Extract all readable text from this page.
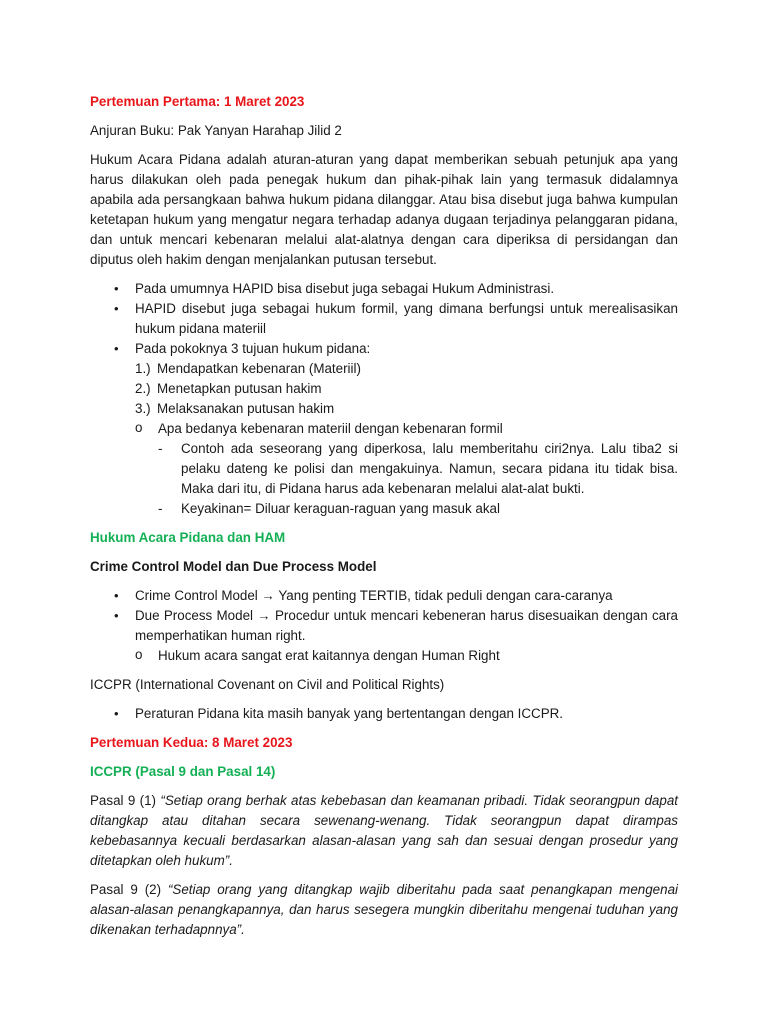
Pertemuan Pertama: 1 Maret 2023

Anjuran Buku: Pak Yanyan Harahap Jilid 2

Hukum Acara Pidana adalah aturan-aturan yang dapat memberikan sebuah petunjuk apa yang harus dilakukan oleh pada penegak hukum dan pihak-pihak lain yang termasuk didalamnya apabila ada persangkaan bahwa hukum pidana dilanggar. Atau bisa disebut juga bahwa kumpulan ketetapan hukum yang mengatur negara terhadap adanya dugaan terjadinya pelanggaran pidana, dan untuk mencari kebenaran melalui alat-alatnya dengan cara diperiksa di persidangan dan diputus oleh hakim dengan menjalankan putusan tersebut.

• Pada umumnya HAPID bisa disebut juga sebagai Hukum Administrasi.
• HAPID disebut juga sebagai hukum formil, yang dimana berfungsi untuk merealisasikan hukum pidana materiil
• Pada pokoknya 3 tujuan hukum pidana:
1.) Mendapatkan kebenaran (Materiil)
2.) Menetapkan putusan hakim
3.) Melaksanakan putusan hakim
o Apa bedanya kebenaran materiil dengan kebenaran formil
- Contoh ada seseorang yang diperkosa, lalu memberitahu ciri2nya. Lalu tiba2 si pelaku dateng ke polisi dan mengakuinya. Namun, secara pidana itu tidak bisa. Maka dari itu, di Pidana harus ada kebenaran melalui alat-alat bukti.
- Keyakinan= Diluar keraguan-raguan yang masuk akal
Hukum Acara Pidana dan HAM
Crime Control Model dan Due Process Model
• Crime Control Model → Yang penting TERTIB, tidak peduli dengan cara-caranya
• Due Process Model → Procedur untuk mencari kebeneran harus disesuaikan dengan cara memperhatikan human right.
o Hukum acara sangat erat kaitannya dengan Human Right

ICCPR (International Covenant on Civil and Political Rights)

• Peraturan Pidana kita masih banyak yang bertentangan dengan ICCPR.
Pertemuan Kedua: 8 Maret 2023
ICCPR (Pasal 9 dan Pasal 14)

Pasal 9 (1) “Setiap orang berhak atas kebebasan dan keamanan pribadi. Tidak seorangpun dapat ditangkap atau ditahan secara sewenang-wenang. Tidak seorangpun dapat dirampas kebebasannya kecuali berdasarkan alasan-alasan yang sah dan sesuai dengan prosedur yang ditetapkan oleh hukum”.

Pasal 9 (2) “Setiap orang yang ditangkap wajib diberitahu pada saat penangkapan mengenai alasan-alasan penangkapannya, dan harus sesegera mungkin diberitahu mengenai tuduhan yang dikenakan terhadapnnya”.
